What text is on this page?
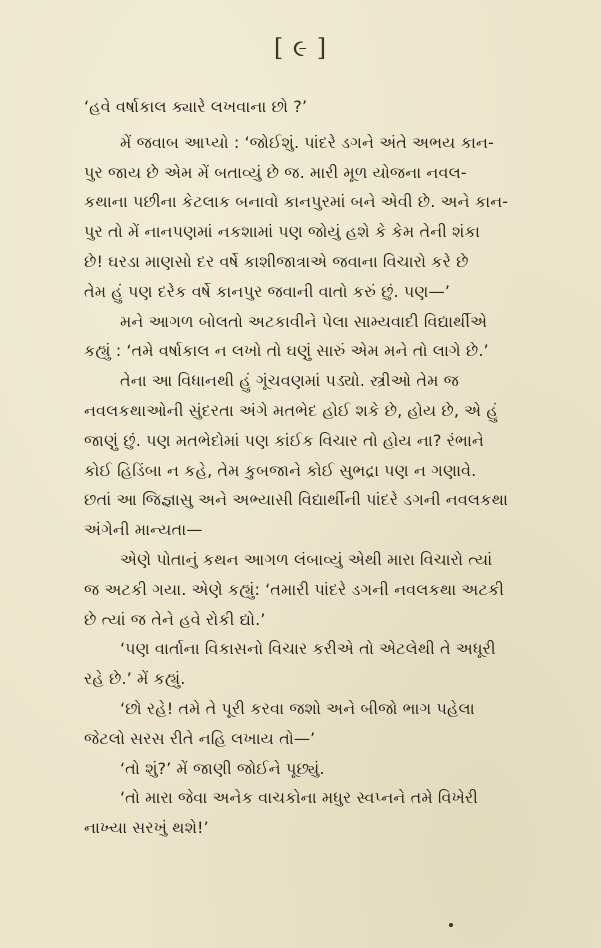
[ ૯ ]
‘હવે વર્ષાકાલ ક્યારે લખવાના છો ?’
મેં જવાબ આપ્યો : ‘જોઈશું. પાંદરે ડગને અંતે અભય કાન-
પુર જાય છે એમ મેં બતાવ્યું છે જ. મારી મૂળ યોજના નવલ-
કથાના પછીના કેટલાક બનાવો કાનપુરમાં બને એવી છે. અને કાન-
પુર તો મેં નાનપણમાં નકશામાં પણ જોયું હશે કે કેમ તેની શંકા
છે! ઘરડા માણસો દર વર્ષે કાશીજાત્રાએ જવાના વિચારો કરે છે
તેમ હું પણ દરેક વર્ષે કાનપુર જવાની વાતો કરું છું. પણ—’
મને આગળ બોલતો અટકાવીને પેલા સામ્યવાદી વિદ્યાર્થીએ
કહ્યું : ‘તમે વર્ષાકાલ ન લખો તો ઘણું સારું એમ મને તો લાગે છે.’
તેના આ વિધાનથી હું ગૂંચવણમાં પડ્યો. સ્ત્રીઓ તેમ જ
નવલકથાઓની સુંદરતા અંગે મતભેદ હોઈ શકે છે, હોય છે, એ હું
જાણું છું. પણ મતભેદોમાં પણ કાંઈક વિચાર તો હોય ના? રંભાને
કોઈ હિડિંબા ન કહે, તેમ કુબજાને કોઈ સુભદ્રા પણ ન ગણાવે.
છતાં આ જિજ્ઞાસુ અને અભ્યાસી વિદ્યાર્થીની પાંદરે ડગની નવલકથા
અંગેની માન્યતા—
એણે પોતાનું કથન આગળ લંબાવ્યું એથી મારા વિચારો ત્યાં
જ અટકી ગયા. એણે કહ્યું: ‘તમારી પાંદરે ડગની નવલકથા અટકી
છે ત્યાં જ તેને હવે રોકી દ્યો.’
‘પણ વાર્તાના વિકાસનો વિચાર કરીએ તો એટલેથી તે અધૂરી
રહે છે.’ મેં કહ્યું.
‘છો રહે! તમે તે પૂરી કરવા જશો અને બીજો ભાગ પહેલા
જેટલો સરસ રીતે નહિ લખાય તો—’
‘તો શું?’ મેં જાણી જોઈને પૂછ્યું.
‘તો મારા જેવા અનેક વાચકોના મધુર સ્વપ્નને તમે વિખેરી
નાખ્યા સરખું થશે!’
